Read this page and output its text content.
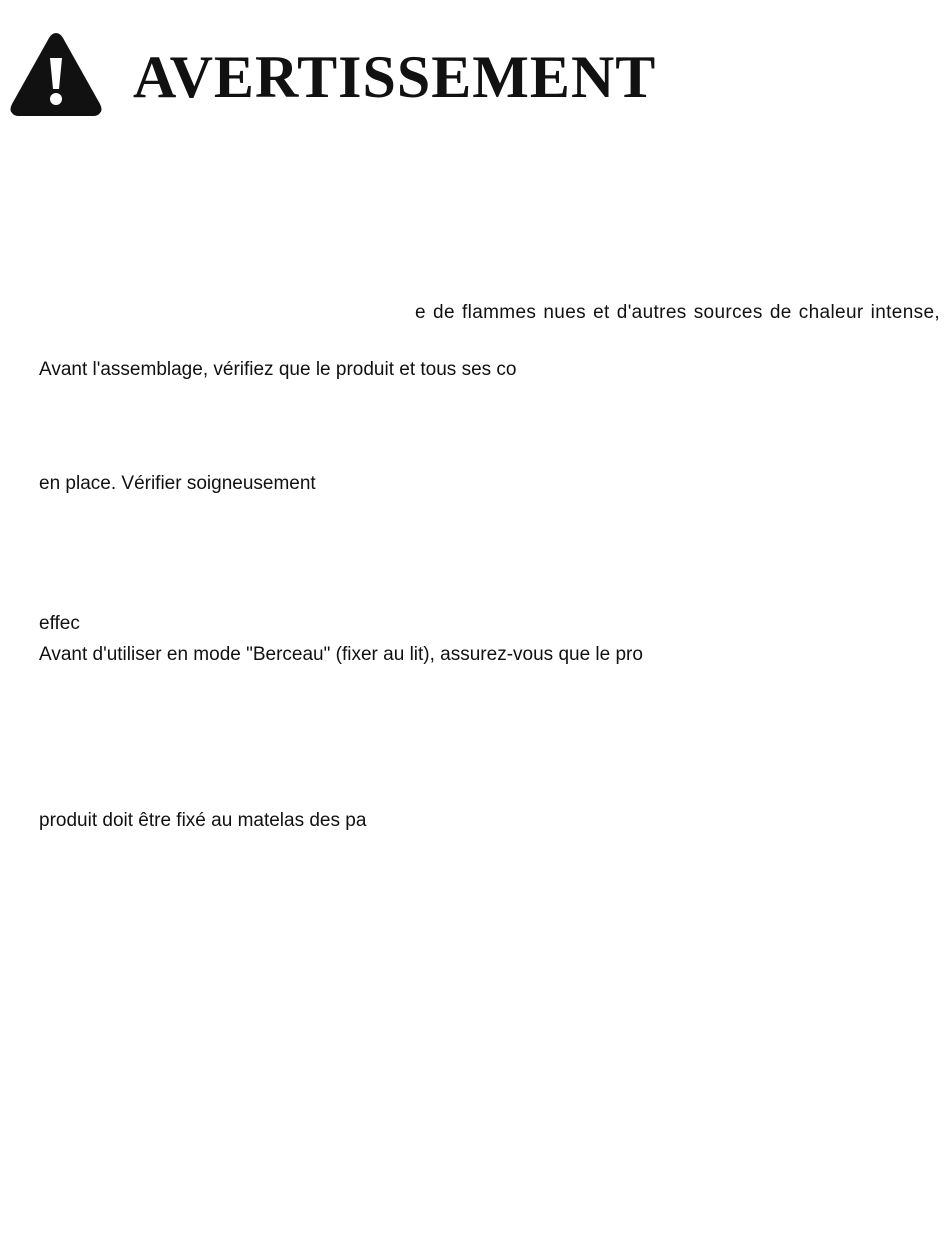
AVERTISSEMENT
e de flammes nues et d'autres sources de chaleur intense,
Avant l'assemblage, vérifiez que le produit et tous ses co
en place. Vérifier soigneusement
effec
Avant d'utiliser en mode "Berceau" (fixer au lit), assurez-vous que le pro
produit doit être fixé au matelas des pa
